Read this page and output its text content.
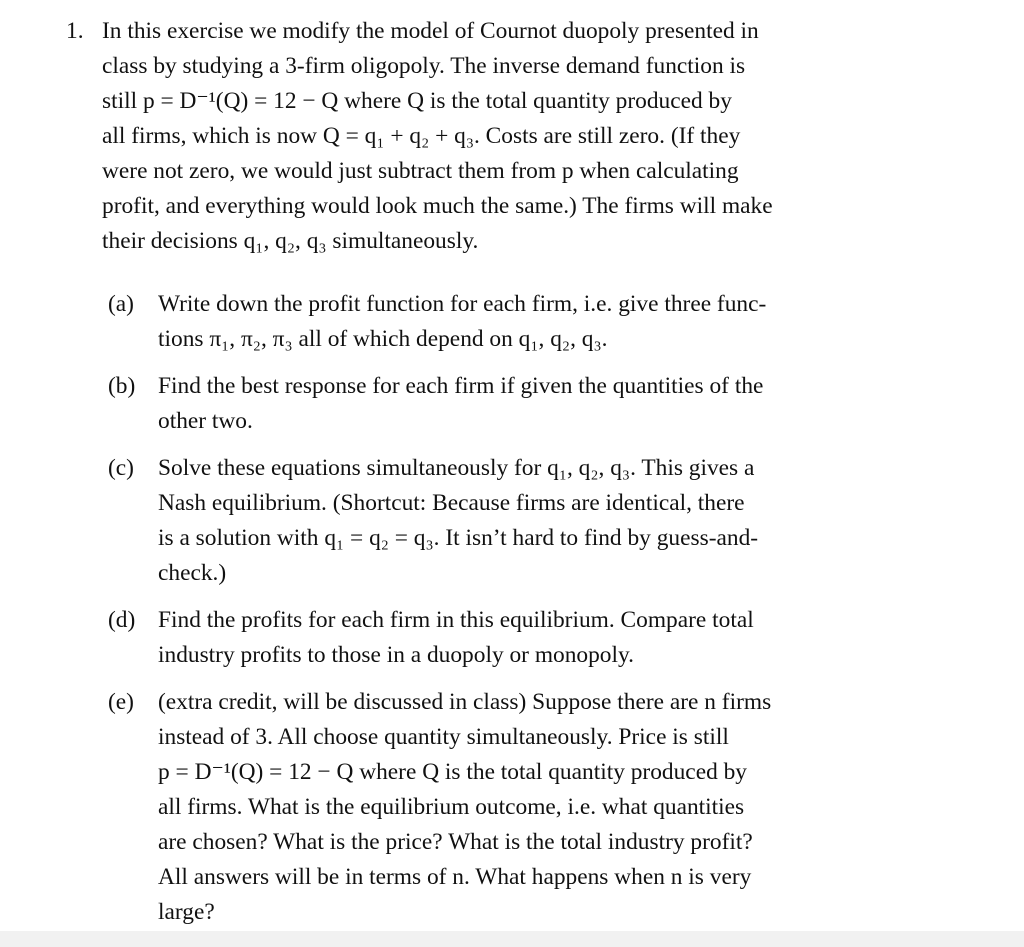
1. In this exercise we modify the model of Cournot duopoly presented in
class by studying a 3-firm oligopoly. The inverse demand function is
still p = D⁻¹(Q) = 12 − Q where Q is the total quantity produced by
all firms, which is now Q = q₁ + q₂ + q₃. Costs are still zero. (If they
were not zero, we would just subtract them from p when calculating
profit, and everything would look much the same.) The firms will make
their decisions q₁, q₂, q₃ simultaneously.
(a)	Write down the profit function for each firm, i.e. give three func-
tions π₁, π₂, π₃ all of which depend on q₁, q₂, q₃.
(b) Find the best response for each firm if given the quantities of the
other two.
(c)	Solve these equations simultaneously for q₁, q₂, q₃. This gives a
Nash equilibrium. (Shortcut: Because firms are identical, there
is a solution with q₁ = q₂ = q₃. It isn’t hard to find by guess-and-
check.)
(d) Find the profits for each firm in this equilibrium. Compare total
industry profits to those in a duopoly or monopoly.
(e)	(extra credit, will be discussed in class) Suppose there are n firms
instead of 3. All choose quantity simultaneously. Price is still
p = D⁻¹(Q) = 12 − Q where Q is the total quantity produced by
all firms. What is the equilibrium outcome, i.e. what quantities
are chosen? What is the price? What is the total industry profit?
All answers will be in terms of n. What happens when n is very
large?
